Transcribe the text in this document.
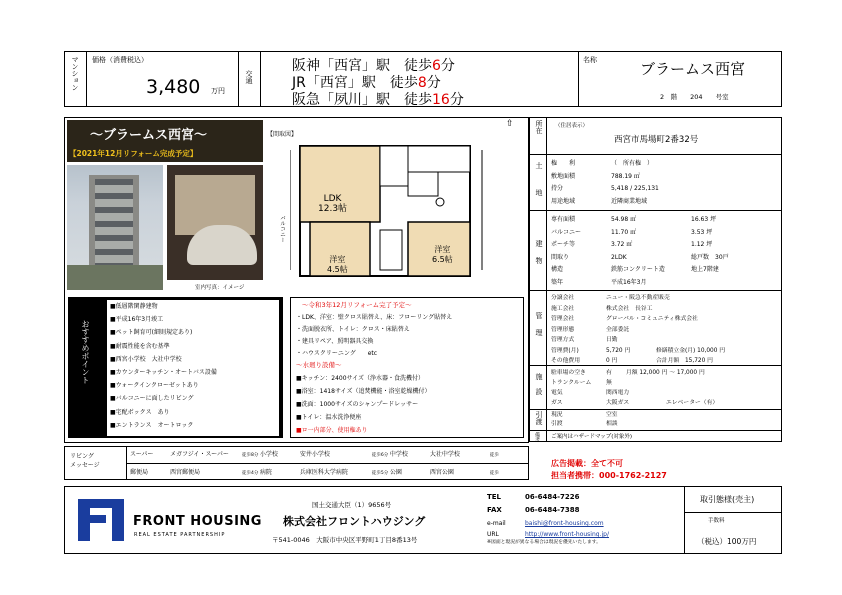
マンション 価格（消費税込）
3,480 万円
交通
阪神「西宮」駅　徒歩6分
JR「西宮」駅　徒歩8分
阪急「夙川」駅　徒歩16分
名称	ブラームス西宮
2　 階　　 204　　 号室
～ブラームス西宮～
【2021年12月リフォーム完成予定】
室内写真：イメージ
【間取図】
LDK
12.3帖
洋室
4.5帖
洋室
6.5帖
バルコニー
⇧
おすすめポイント
■低層階閑静建物
■平成16年3月竣工
■ペット飼育可(細則規定あり)
■耐震性能を含む基準
■西宮小学校　大社中学校
■カウンターキッチン・オートバス設備
■ウォークインクローゼットあり
■バルコニーに面したリビング
■宅配ボックス　あり
■エントランス　オートロック
～令和3年12月リフォーム完了予定～
・LDK、洋室：壁クロス貼替え、床：フローリング貼替え
・洗面脱衣所、トイレ：クロス・床貼替え
・建具リペア、照明器具交換
・ハウスクリーニング　　etc
～水廻り設備～
■キッチン：2400サイズ（浄水器・食洗機付）
■浴室：1418サイズ（追焚機能・浴室乾燥機付）
■洗面：1000サイズのシャンプードレッサー
■トイレ：温水洗浄便座
■ロ一内部分、使用権あり
所在 （住居表示）
西宮市馬場町2番32号
土地 権　　利	（　所有権　）
敷地面積	788.19 ㎡
持分	5,418 / 225,131
用途地域	近隣商業地域
建物
専有面積	54.98 ㎡	16.63 坪
バルコニー	11.70 ㎡	3.53 坪
ポーチ等	3.72 ㎡	1.12 坪
間取り	2LDK	総戸数　30戸
構造	鉄筋コンクリート造	地上7階建
築年	平成16年3月
管理
分譲会社	ニュー・阪急不動産販売
施工会社	株式会社　長谷工
管理会社	グローバル・コミュニティ株式会社
管理形態	全部委託
管理方式	日勤
管理費(月)	5,720 円	修繕積立金(月) 10,000 円
その他費用	0 円	合計月額　15,720 円
施設 駐車場の空き	有 月額 12,000 円 ～ 17,000 円
トランクルーム	無
電気	関西電力
ガス	大阪ガス	エレベーター（有）
引渡 現況	空室
引渡	相談
備考 ご案内はハザードマップ(対象外)
広告掲載：全て不可
担当者携帯：000-1762-2127
リビング
メッセージ
スーパー	メガフジイ・スーパー	徒歩8分 小学校	安井小学校	徒歩6分 中学校	大社中学校	徒歩
郵便局	西宮郵便局	徒歩4分 病院	兵庫医科大学病院	徒歩5分 公園	西宮公園	徒歩
FRONT HOUSING
REAL ESTATE PARTNERSHIP
国土交通大臣（1）9656号
株式会社フロントハウジング
〒541-0046　大阪市中央区平野町1丁目8番13号
TEL	06-6484-7226
FAX	06-6484-7388
e-mail	baishi@front-housing.com
URL	http://www.front-housing.jp/
※図面と現況が異なる場合は現況を優先いたします。
取引態様(売主)
手数料
（税込）100万円
